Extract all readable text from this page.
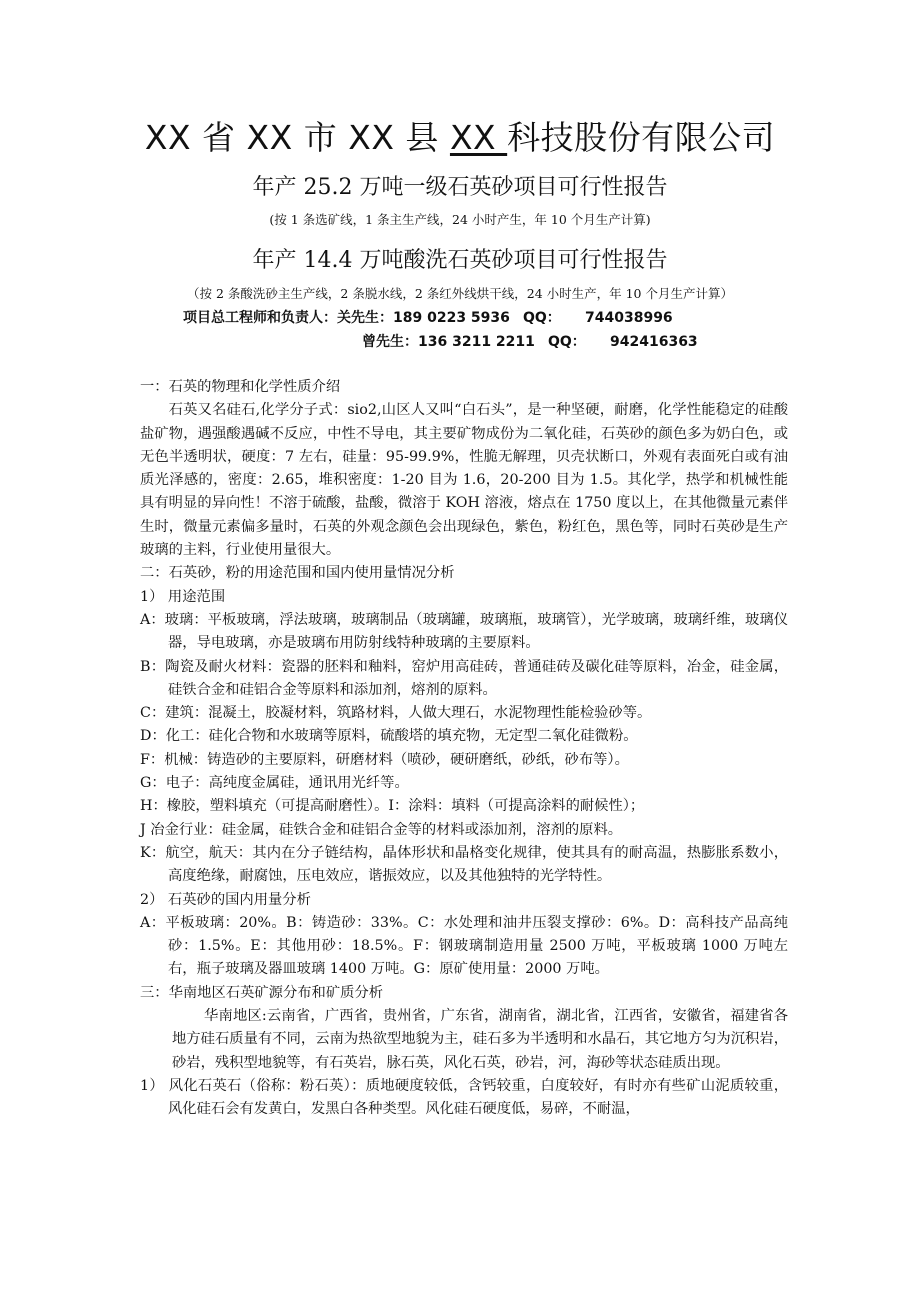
XX 省 XX 市 XX 县 XX 科技股份有限公司
年产 25.2 万吨一级石英砂项目可行性报告
(按 1 条选矿线，1 条主生产线，24 小时产生，年 10 个月生产计算)
年产 14.4 万吨酸洗石英砂项目可行性报告
（按 2 条酸洗砂主生产线，2 条脱水线，2 条红外线烘干线，24 小时生产，年 10 个月生产计算）
项目总工程师和负责人：关先生：189 0223 5936 QQ： 744038996
曾先生：136 3211 2211 QQ： 942416363

一：石英的物理和化学性质介绍

石英又名硅石,化学分子式：sio2,山区人又叫“白石头”，是一种坚硬，耐磨，化学性能稳定的硅酸盐矿物，遇强酸遇碱不反应，中性不导电，其主要矿物成份为二氧化硅，石英砂的颜色多为奶白色，或无色半透明状，硬度：7 左右，硅量：95-99.9%，性脆无解理，贝壳状断口，外观有表面死白或有油质光泽感的，密度：2.65，堆积密度：1-20 目为 1.6，20-200 目为 1.5。其化学，热学和机械性能具有明显的异向性！不溶于硫酸，盐酸，微溶于 KOH 溶液，熔点在 1750 度以上，在其他微量元素伴生时，微量元素偏多量时，石英的外观念颜色会出现绿色，紫色，粉红色，黑色等，同时石英砂是生产玻璃的主料，行业使用量很大。

二：石英砂，粉的用途范围和国内使用量情况分析

1） 用途范围

A：玻璃：平板玻璃，浮法玻璃，玻璃制品（玻璃罐，玻璃瓶，玻璃管），光学玻璃，玻璃纤维，玻璃仪器，导电玻璃，亦是玻璃布用防射线特种玻璃的主要原料。

B：陶瓷及耐火材料：瓷器的胚料和釉料，窑炉用高硅砖，普通硅砖及碳化硅等原料，冶金，硅金属，硅铁合金和硅铝合金等原料和添加剂，熔剂的原料。

C：建筑：混凝土，胶凝材料，筑路材料，人做大理石，水泥物理性能检验砂等。

D：化工：硅化合物和水玻璃等原料，硫酸塔的填充物，无定型二氧化硅微粉。

F：机械：铸造砂的主要原料，研磨材料（喷砂，硬研磨纸，砂纸，砂布等）。

G：电子：高纯度金属硅，通讯用光纤等。

H：橡胶，塑料填充（可提高耐磨性）。I：涂料：填料（可提高涂料的耐候性）；

J 冶金行业：硅金属，硅铁合金和硅铝合金等的材料或添加剂，溶剂的原料。

K：航空，航天：其内在分子链结构，晶体形状和晶格变化规律，使其具有的耐高温，热膨胀系数小，高度绝缘，耐腐蚀，压电效应，谐振效应，以及其他独特的光学特性。

2） 石英砂的国内用量分析

A：平板玻璃：20%。B：铸造砂：33%。C：水处理和油井压裂支撑砂：6%。D：高科技产品高纯砂：1.5%。E：其他用砂：18.5%。F：钢玻璃制造用量 2500 万吨，平板玻璃 1000 万吨左右，瓶子玻璃及器皿玻璃 1400 万吨。G：原矿使用量：2000 万吨。

三：华南地区石英矿源分布和矿质分析

华南地区:云南省，广西省，贵州省，广东省，湖南省，湖北省，江西省，安徽省，福建省各地方硅石质量有不同，云南为热欲型地貌为主，硅石多为半透明和水晶石，其它地方匀为沉积岩，砂岩，残积型地貌等，有石英岩，脉石英，风化石英，砂岩，河，海砂等状态硅质出现。

1） 风化石英石（俗称：粉石英）：质地硬度较低，含钙较重，白度较好，有时亦有些矿山泥质较重，风化硅石会有发黄白，发黑白各种类型。风化硅石硬度低，易碎，不耐温，
